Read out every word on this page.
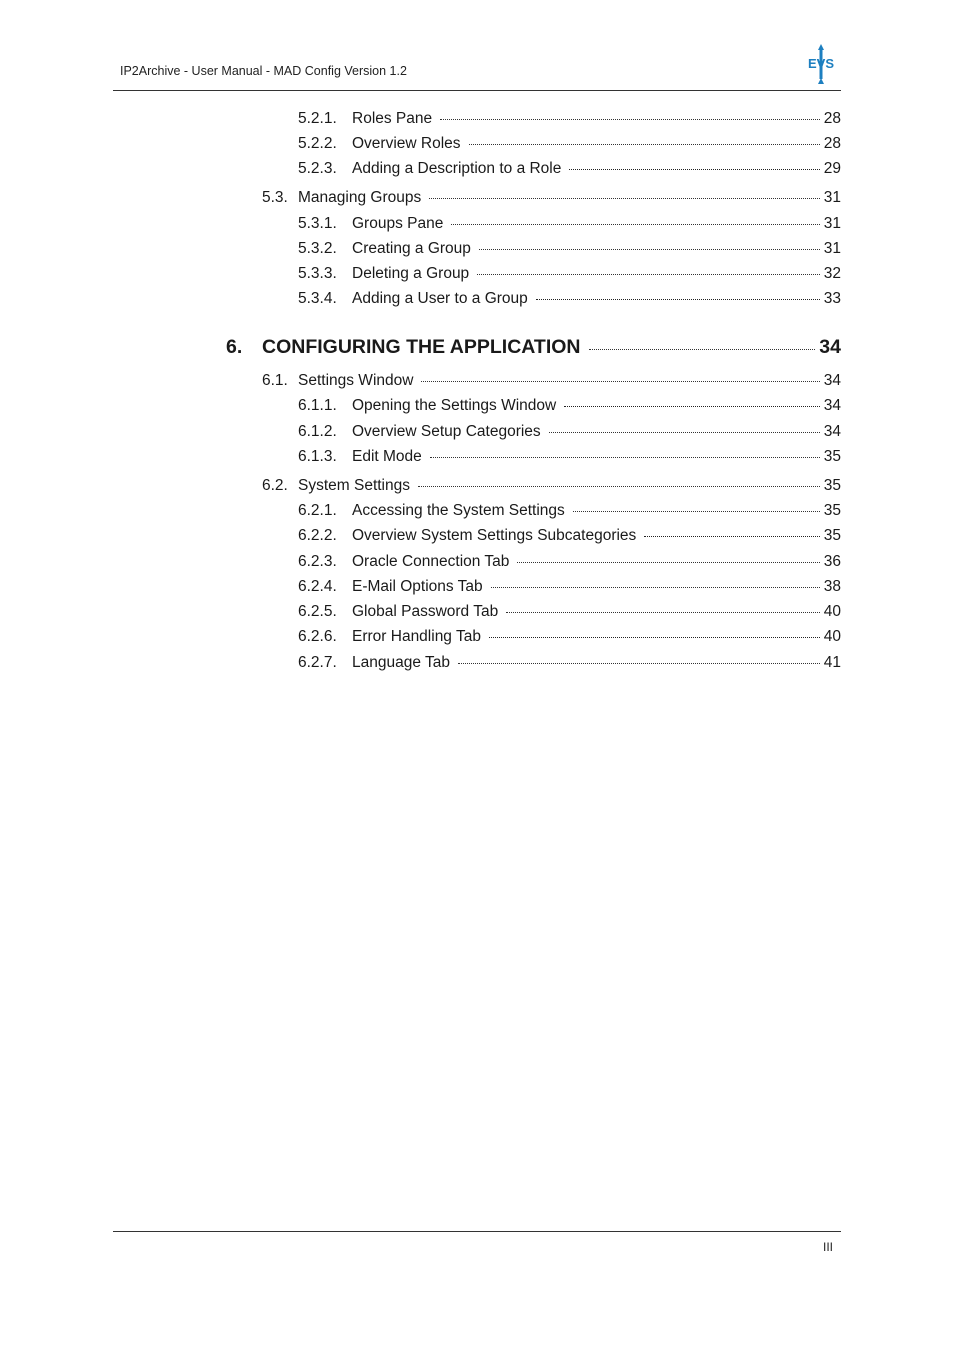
IP2Archive - User Manual - MAD Config Version 1.2	EVS
5.2.1. Roles Pane	28
5.2.2. Overview Roles	28
5.2.3. Adding a Description to a Role	29
5.3. Managing Groups	31
5.3.1. Groups Pane	31
5.3.2. Creating a Group	31
5.3.3. Deleting a Group	32
5.3.4. Adding a User to a Group	33
6.	CONFIGURING THE APPLICATION	34
6.1. Settings Window	34
6.1.1. Opening the Settings Window	34
6.1.2. Overview Setup Categories	34
6.1.3. Edit Mode	35
6.2. System Settings	35
6.2.1. Accessing the System Settings	35
6.2.2. Overview System Settings Subcategories	35
6.2.3. Oracle Connection Tab	36
6.2.4. E-Mail Options Tab	38
6.2.5. Global Password Tab	40
6.2.6. Error Handling Tab	40
6.2.7. Language Tab	41
III
